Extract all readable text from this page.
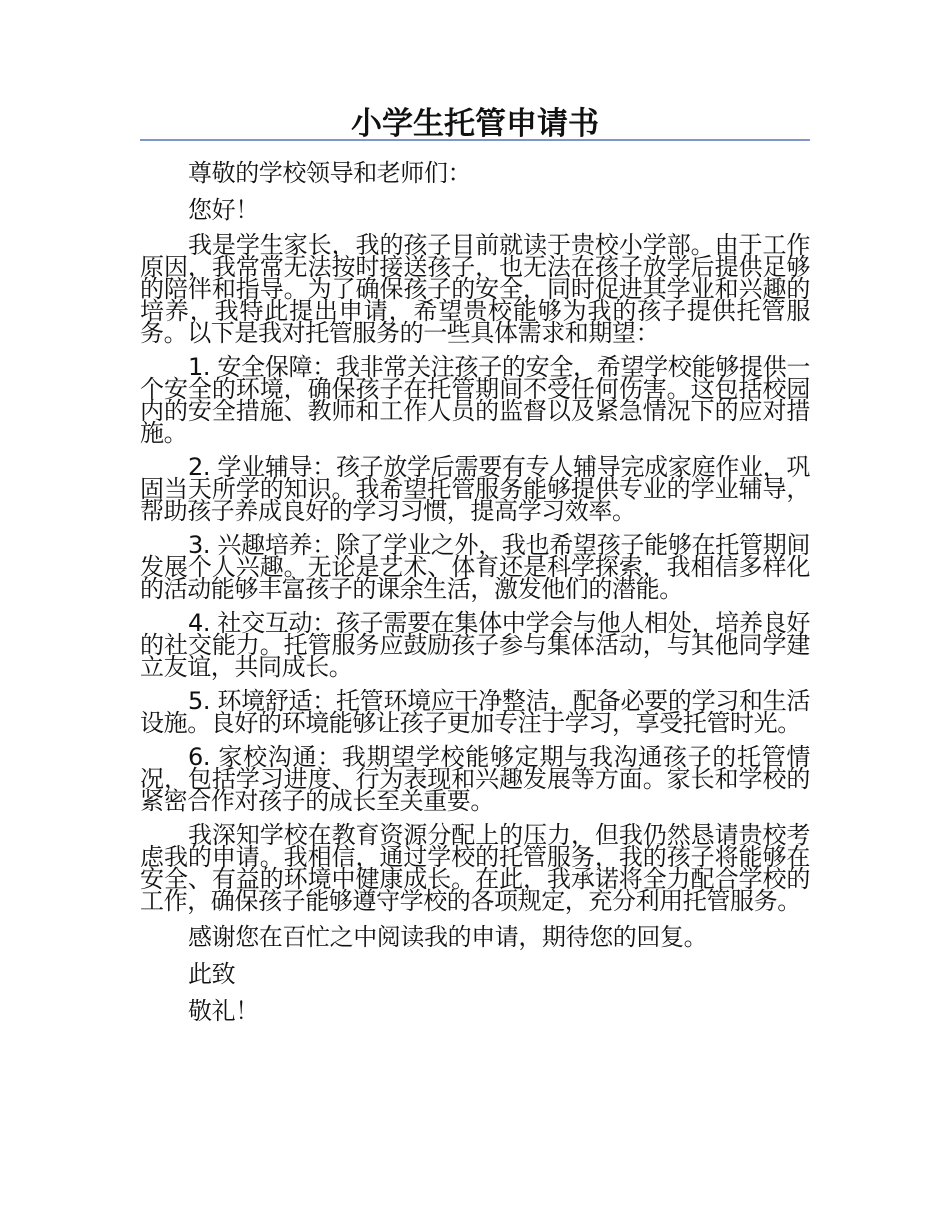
小学生托管申请书

尊敬的学校领导和老师们：

您好！

我是学生家长，我的孩子目前就读于贵校小学部。由于工作原因，我常常无法按时接送孩子，也无法在孩子放学后提供足够的陪伴和指导。为了确保孩子的安全，同时促进其学业和兴趣的培养，我特此提出申请，希望贵校能够为我的孩子提供托管服务。以下是我对托管服务的一些具体需求和期望：

1. 安全保障：我非常关注孩子的安全，希望学校能够提供一个安全的环境，确保孩子在托管期间不受任何伤害。这包括校园内的安全措施、教师和工作人员的监督以及紧急情况下的应对措施。

2. 学业辅导：孩子放学后需要有专人辅导完成家庭作业，巩固当天所学的知识。我希望托管服务能够提供专业的学业辅导，帮助孩子养成良好的学习习惯，提高学习效率。

3. 兴趣培养：除了学业之外，我也希望孩子能够在托管期间发展个人兴趣。无论是艺术、体育还是科学探索，我相信多样化的活动能够丰富孩子的课余生活，激发他们的潜能。

4. 社交互动：孩子需要在集体中学会与他人相处，培养良好的社交能力。托管服务应鼓励孩子参与集体活动，与其他同学建立友谊，共同成长。

5. 环境舒适：托管环境应干净整洁，配备必要的学习和生活设施。良好的环境能够让孩子更加专注于学习，享受托管时光。

6. 家校沟通：我期望学校能够定期与我沟通孩子的托管情况，包括学习进度、行为表现和兴趣发展等方面。家长和学校的紧密合作对孩子的成长至关重要。

我深知学校在教育资源分配上的压力，但我仍然恳请贵校考虑我的申请。我相信，通过学校的托管服务，我的孩子将能够在安全、有益的环境中健康成长。在此，我承诺将全力配合学校的工作，确保孩子能够遵守学校的各项规定，充分利用托管服务。

感谢您在百忙之中阅读我的申请，期待您的回复。

此致

敬礼！
